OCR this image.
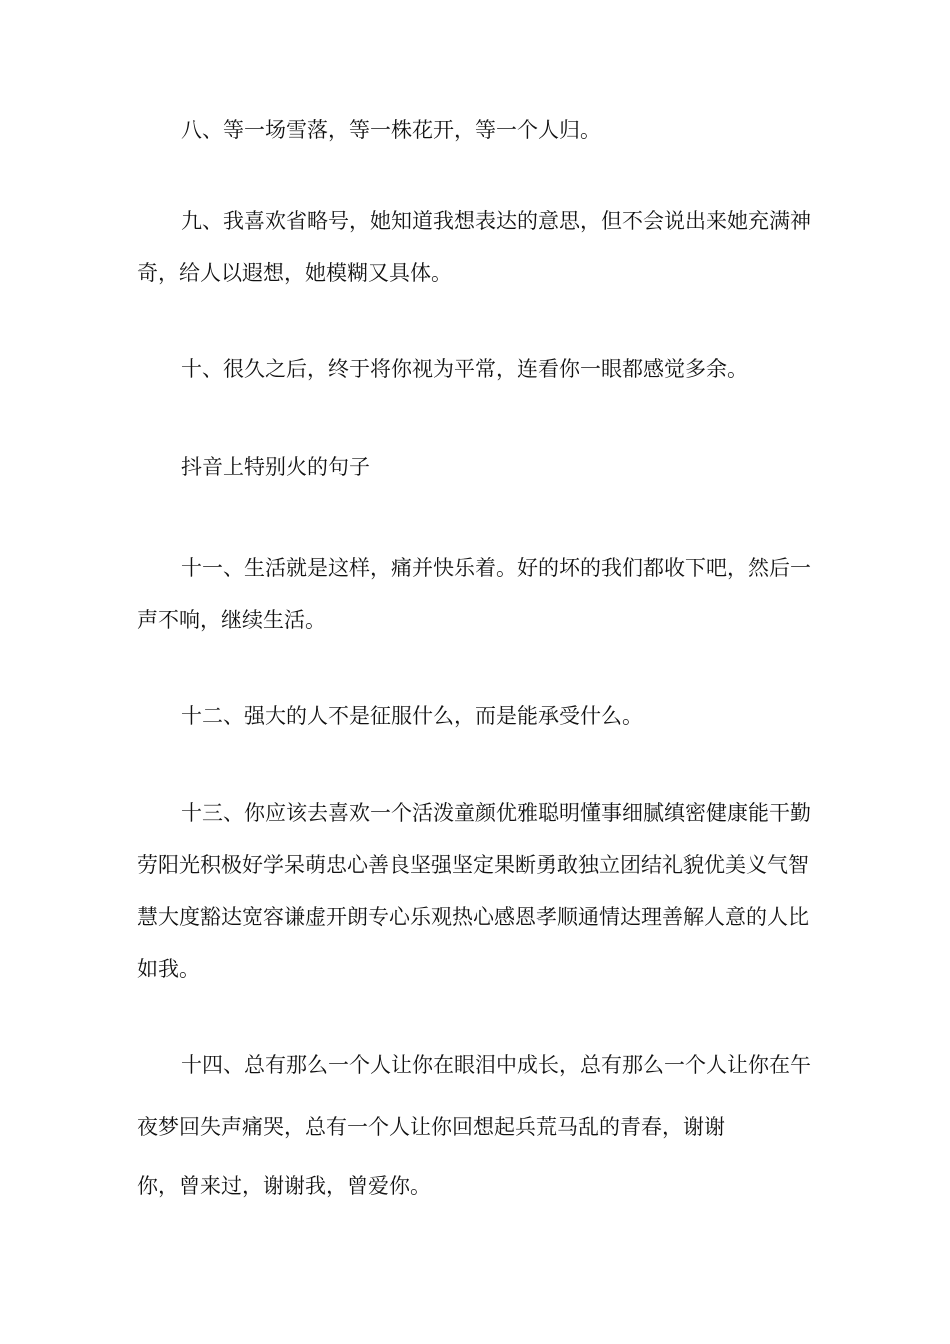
八、等一场雪落，等一株花开，等一个人归。

九、我喜欢省略号，她知道我想表达的意思，但不会说出来她充满神奇，给人以遐想，她模糊又具体。

十、很久之后，终于将你视为平常，连看你一眼都感觉多余。

抖音上特别火的句子

十一、生活就是这样，痛并快乐着。好的坏的我们都收下吧，然后一声不响，继续生活。

十二、强大的人不是征服什么，而是能承受什么。

十三、你应该去喜欢一个活泼童颜优雅聪明懂事细腻缜密健康能干勤劳阳光积极好学呆萌忠心善良坚强坚定果断勇敢独立团结礼貌优美义气智慧大度豁达宽容谦虚开朗专心乐观热心感恩孝顺通情达理善解人意的人比如我。

十四、总有那么一个人让你在眼泪中成长，总有那么一个人让你在午夜梦回失声痛哭，总有一个人让你回想起兵荒马乱的青春，谢谢

你，曾来过，谢谢我，曾爱你。
